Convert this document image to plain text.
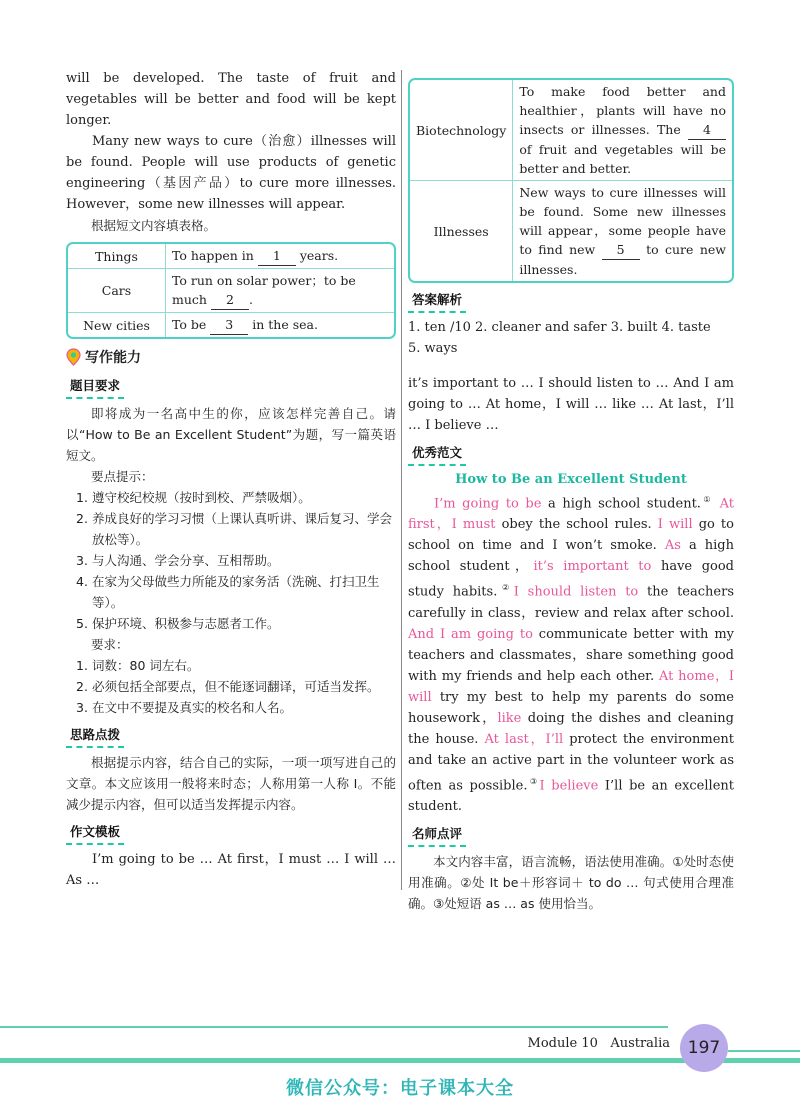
will be developed. The taste of fruit and vegetables will be better and food will be kept longer.

Many new ways to cure（治愈）illnesses will be found. People will use products of genetic engineering（基因产品）to cure more illnesses. However，some new illnesses will appear.

根据短文内容填表格。

Things	To happen in 1 years.
Cars	To run on solar power；to be much 2 .
New cities	To be 3 in the sea.
写作能力
题目要求

即将成为一名高中生的你，应该怎样完善自己。请以“How to Be an Excellent Student”为题，写一篇英语短文。

要点提示：

1. 遵守校纪校规（按时到校、严禁吸烟）。
2. 养成良好的学习习惯（上课认真听讲、课后复习、学会放松等）。
3. 与人沟通、学会分享、互相帮助。
4. 在家为父母做些力所能及的家务活（洗碗、打扫卫生等）。
5. 保护环境、积极参与志愿者工作。

要求：

1. 词数：80 词左右。
2. 必须包括全部要点，但不能逐词翻译，可适当发挥。
3. 在文中不要提及真实的校名和人名。
思路点拨

根据提示内容，结合自己的实际，一项一项写进自己的文章。本文应该用一般将来时态；人称用第一人称 I。不能减少提示内容，但可以适当发挥提示内容。

作文模板

I’m going to be … At first，I must … I will … As …

Biotechnology	To make food better and healthier，plants will have no insects or illnesses. The 4 of fruit and vegetables will be better and better.
Illnesses	New ways to cure illnesses will be found. Some new illnesses will appear，some people have to find new 5 to cure new illnesses.
答案解析
1. ten /10 2. cleaner and safer 3. built 4. taste
5. ways

it’s important to … I should listen to … And I am going to … At home，I will … like … At last，I’ll … I believe …

优秀范文
How to Be an Excellent Student

I’m going to be a high school student.① At first，I must obey the school rules. I will go to school on time and I won’t smoke. As a high school student，it’s important to have good study habits.②I should listen to the teachers carefully in class，review and relax after school. And I am going to communicate better with my teachers and classmates，share something good with my friends and help each other. At home，I will try my best to help my parents do some housework，like doing the dishes and cleaning the house. At last，I’ll protect the environment and take an active part in the volunteer work as often as possible.③I believe I’ll be an excellent student.

名师点评

本文内容丰富，语言流畅，语法使用准确。①处时态使用准确。②处 It be＋形容词＋ to do … 句式使用合理准确。③处短语 as … as 使用恰当。

Module 10 Australia	197
微信公众号：电子课本大全
